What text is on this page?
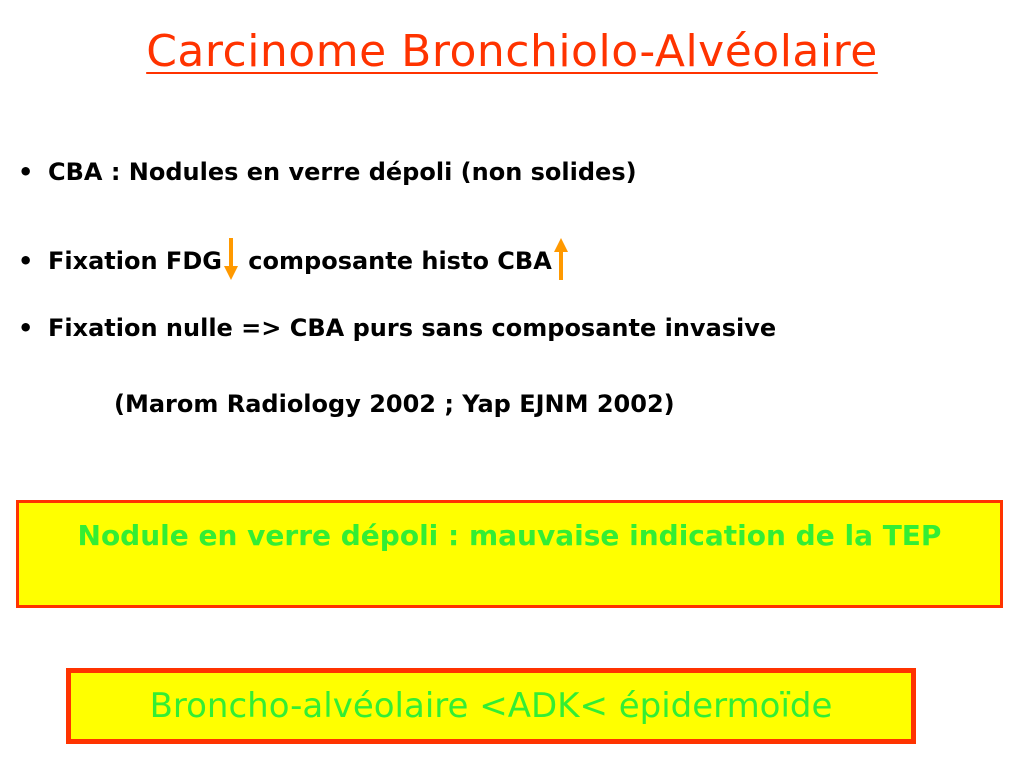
Carcinome Bronchiolo-Alvéolaire
• CBA : Nodules en verre dépoli (non solides)
• Fixation FDG composante histo CBA
• Fixation nulle => CBA purs sans composante invasive
(Marom Radiology 2002 ; Yap EJNM 2002)
Nodule en verre dépoli : mauvaise indication de la TEP
Broncho-alvéolaire <ADK< épidermoïde
